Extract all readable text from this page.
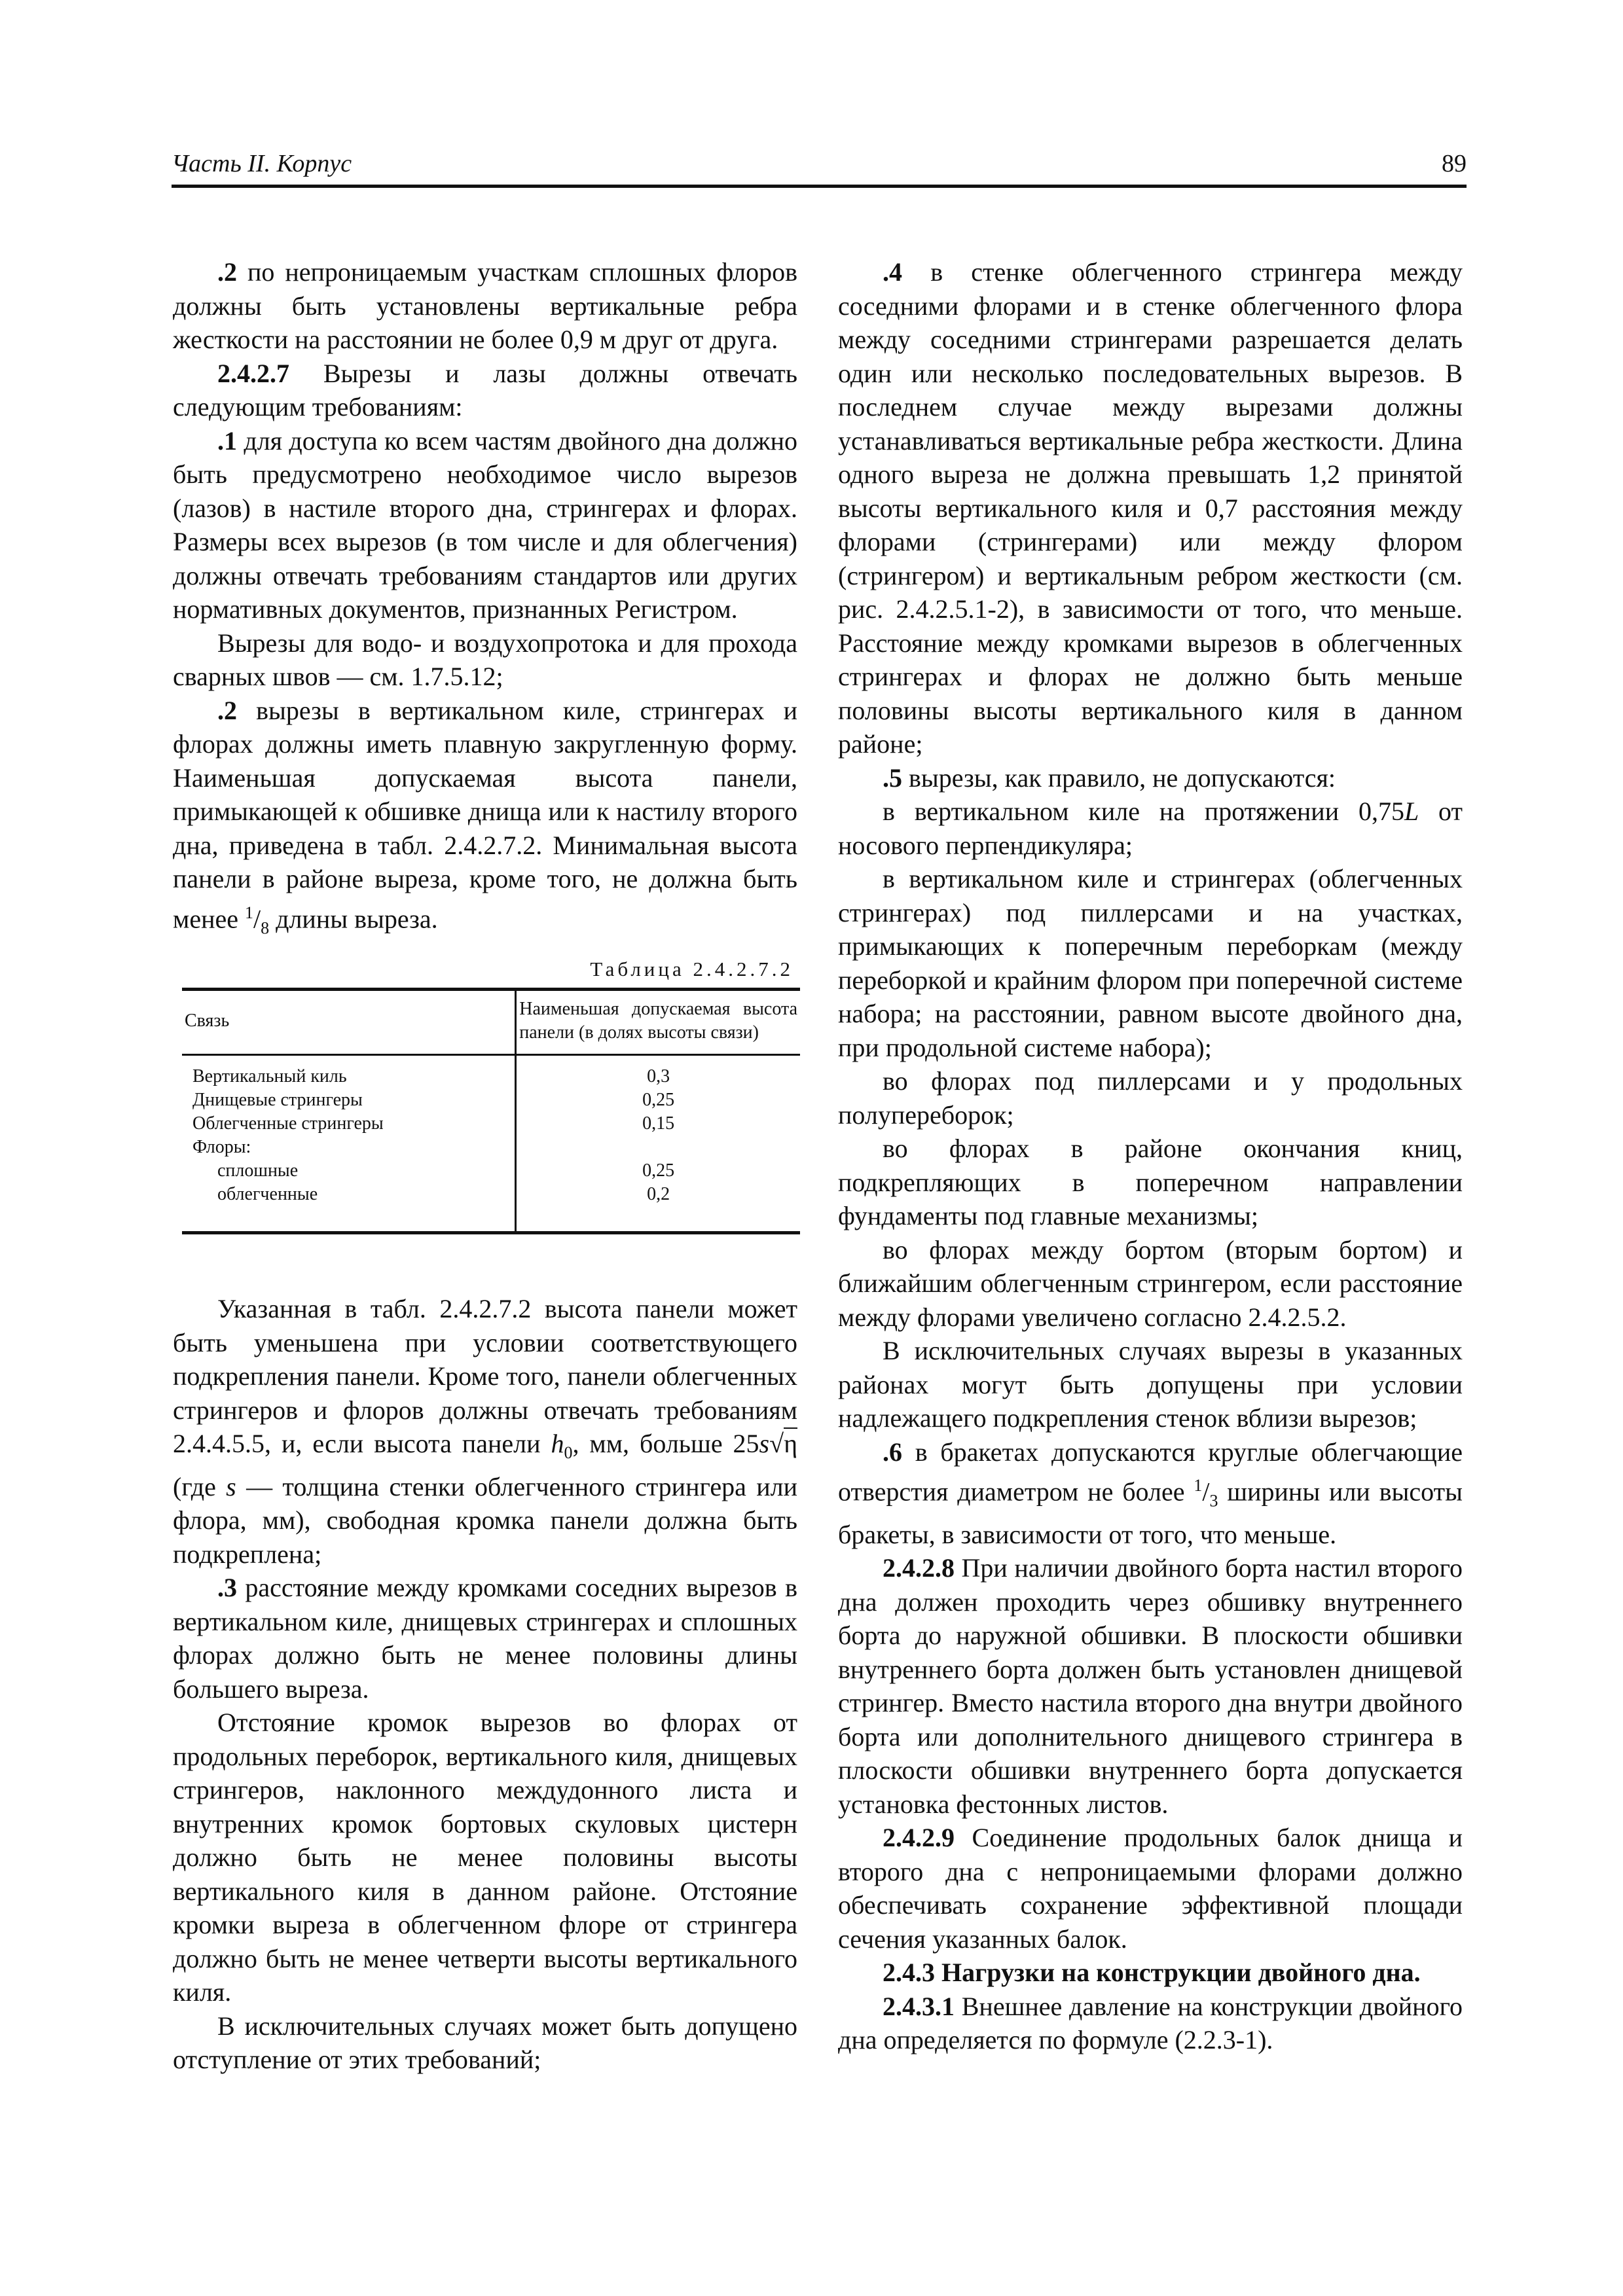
Часть II. Корпус	89

.2 по непроницаемым участкам сплошных флоров должны быть установлены вертикальные ребра жесткости на расстоянии не более 0,9 м друг от друга.

2.4.2.7 Вырезы и лазы должны отвечать следующим требованиям:

.1 для доступа ко всем частям двойного дна должно быть предусмотрено необходимое число вырезов (лазов) в настиле второго дна, стрингерах и флорах. Размеры всех вырезов (в том числе и для облегчения) должны отвечать требованиям стандартов или других нормативных документов, признанных Регистром.

Вырезы для водо- и воздухопротока и для прохода сварных швов — см. 1.7.5.12;

.2 вырезы в вертикальном киле, стрингерах и флорах должны иметь плавную закругленную форму. Наименьшая допускаемая высота панели, примыкающей к обшивке днища или к настилу второго дна, приведена в табл. 2.4.2.7.2. Минимальная высота панели в районе выреза, кроме того, не должна быть менее $^1/_8$ длины выреза.

Таблица 2.4.2.7.2
Связь	Наименьшая допускаемая высота панели (в долях высоты связи)
Вертикальный киль	0,3
Днищевые стрингеры	0,25
Облегченные стрингеры	0,15
Флоры:	
сплошные	0,25
облегченные	0,2

Указанная в табл. 2.4.2.7.2 высота панели может быть уменьшена при условии соответствующего подкрепления панели. Кроме того, панели облегченных стрингеров и флоров должны отвечать требованиям 2.4.4.5.5, и, если высота панели $h_0$, мм, больше 25s√η (где s — толщина стенки облегченного стрингера или флора, мм), свободная кромка панели должна быть подкреплена;

.3 расстояние между кромками соседних вырезов в вертикальном киле, днищевых стрингерах и сплошных флорах должно быть не менее половины длины большего выреза.

Отстояние кромок вырезов во флорах от продольных переборок, вертикального киля, днищевых стрингеров, наклонного междудонного листа и внутренних кромок бортовых скуловых цистерн должно быть не менее половины высоты вертикального киля в данном районе. Отстояние кромки выреза в облегченном флоре от стрингера должно быть не менее четверти высоты вертикального киля.

В исключительных случаях может быть допущено отступление от этих требований;

.4 в стенке облегченного стрингера между соседними флорами и в стенке облегченного флора между соседними стрингерами разрешается делать один или несколько последовательных вырезов. В последнем случае между вырезами должны устанавливаться вертикальные ребра жесткости. Длина одного выреза не должна превышать 1,2 принятой высоты вертикального киля и 0,7 расстояния между флорами (стрингерами) или между флором (стрингером) и вертикальным ребром жесткости (см. рис. 2.4.2.5.1-2), в зависимости от того, что меньше. Расстояние между кромками вырезов в облегченных стрингерах и флорах не должно быть меньше половины высоты вертикального киля в данном районе;

.5 вырезы, как правило, не допускаются:

в вертикальном киле на протяжении 0,75L от носового перпендикуляра;

в вертикальном киле и стрингерах (облегченных стрингерах) под пиллерсами и на участках, примыкающих к поперечным переборкам (между переборкой и крайним флором при поперечной системе набора; на расстоянии, равном высоте двойного дна, при продольной системе набора);

во флорах под пиллерсами и у продольных полупереборок;

во флорах в районе окончания книц, подкрепляющих в поперечном направлении фундаменты под главные механизмы;

во флорах между бортом (вторым бортом) и ближайшим облегченным стрингером, если расстояние между флорами увеличено согласно 2.4.2.5.2.

В исключительных случаях вырезы в указанных районах могут быть допущены при условии надлежащего подкрепления стенок вблизи вырезов;

.6 в бракетах допускаются круглые облегчающие отверстия диаметром не более $^1/_3$ ширины или высоты бракеты, в зависимости от того, что меньше.

2.4.2.8 При наличии двойного борта настил второго дна должен проходить через обшивку внутреннего борта до наружной обшивки. В плоскости обшивки внутреннего борта должен быть установлен днищевой стрингер. Вместо настила второго дна внутри двойного борта или дополнительного днищевого стрингера в плоскости обшивки внутреннего борта допускается установка фестонных листов.

2.4.2.9 Соединение продольных балок днища и второго дна с непроницаемыми флорами должно обеспечивать сохранение эффективной площади сечения указанных балок.

2.4.3 Нагрузки на конструкции двойного дна.

2.4.3.1 Внешнее давление на конструкции двойного дна определяется по формуле (2.2.3-1).
